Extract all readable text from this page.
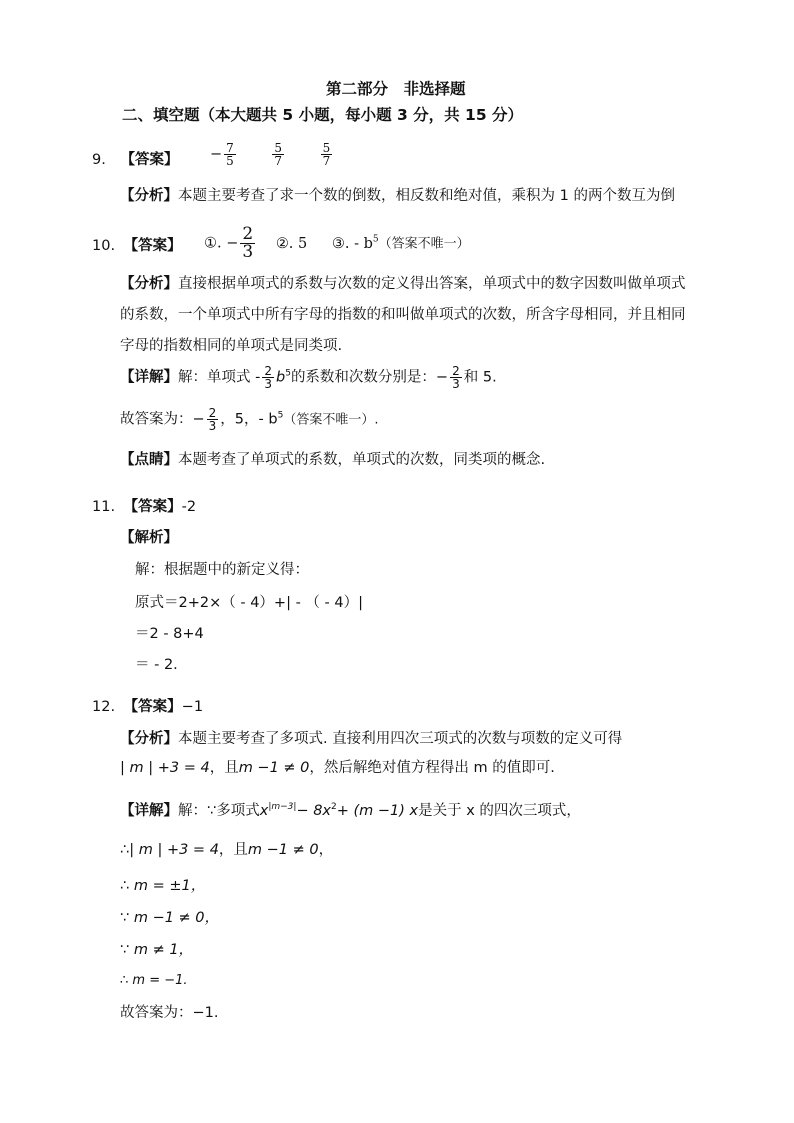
第二部分　非选择题
二、填空题（本大题共 5 小题，每小题 3 分，共 15 分）
9. 【答案】 − $\frac{7}{5}$
	$\frac{5}{7}$
	$\frac{5}{7}$
【分析】本题主要考查了求一个数的倒数，相反数和绝对值，乘积为 1 的两个数互为倒
10. 【答案】 ①. − $\frac{2}{3}$ ②. 5 ③. - $b^5$（答案不唯一）
【分析】直接根据单项式的系数与次数的定义得出答案，单项式中的数字因数叫做单项式
的系数，一个单项式中所有字母的指数的和叫做单项式的次数，所含字母相同，并且相同
字母的指数相同的单项式是同类项.
【详解】解：单项式 - $\frac{2}{3} b^5$的系数和次数分别是：− $\frac{2}{3}$ 和 5.
故答案为：− $\frac{2}{3}$ ，5，- $b^5$（答案不唯一）.
【点睛】本题考查了单项式的系数，单项式的次数，同类项的概念.
11. 【答案】-2
【解析】
解：根据题中的新定义得：
原式＝2+2×（ - 4）+| - （ - 4）|
＝2 - 8+4
＝ - 2.
12. 【答案】−1
【分析】本题主要考查了多项式. 直接利用四次三项式的次数与项数的定义可得
| m | +3 = 4，且m −1 ≠ 0，然后解绝对值方程得出 m 的值即可.
【详解】解：∵多项式$x^{|m-3|}- 8x^2+ (m -1)$ x是关于 x 的四次三项式，
∴| m | +3 = 4，且m −1 ≠ 0，
∴ m = ±1，
∵ m −1 ≠ 0，
∵ m ≠ 1，
∴ m = −1.
故答案为：−1.
